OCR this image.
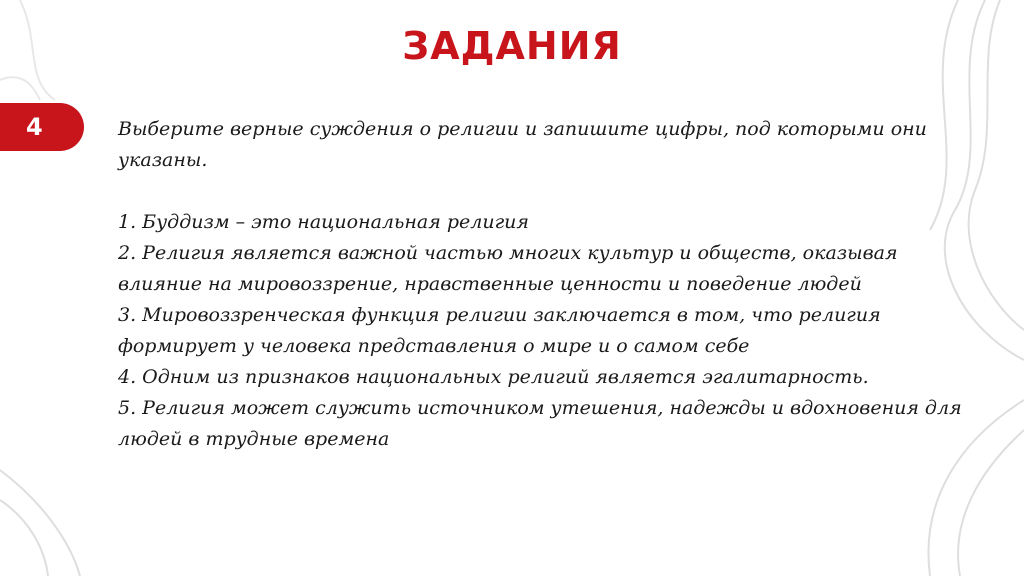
ЗАДАНИЯ
4	Выберите верные суждения о религии и запишите цифры, под которыми они указаны.

1. Буддизм – это национальная религия

2. Религия является важной частью многих культур и обществ, оказывая влияние на мировоззрение, нравственные ценности и поведение людей

3. Мировоззренческая функция религии заключается в том, что религия формирует у человека представления о мире и о самом себе

4. Одним из признаков национальных религий является эгалитарность.

5. Религия может служить источником утешения, надежды и вдохновения для людей в трудные времена
